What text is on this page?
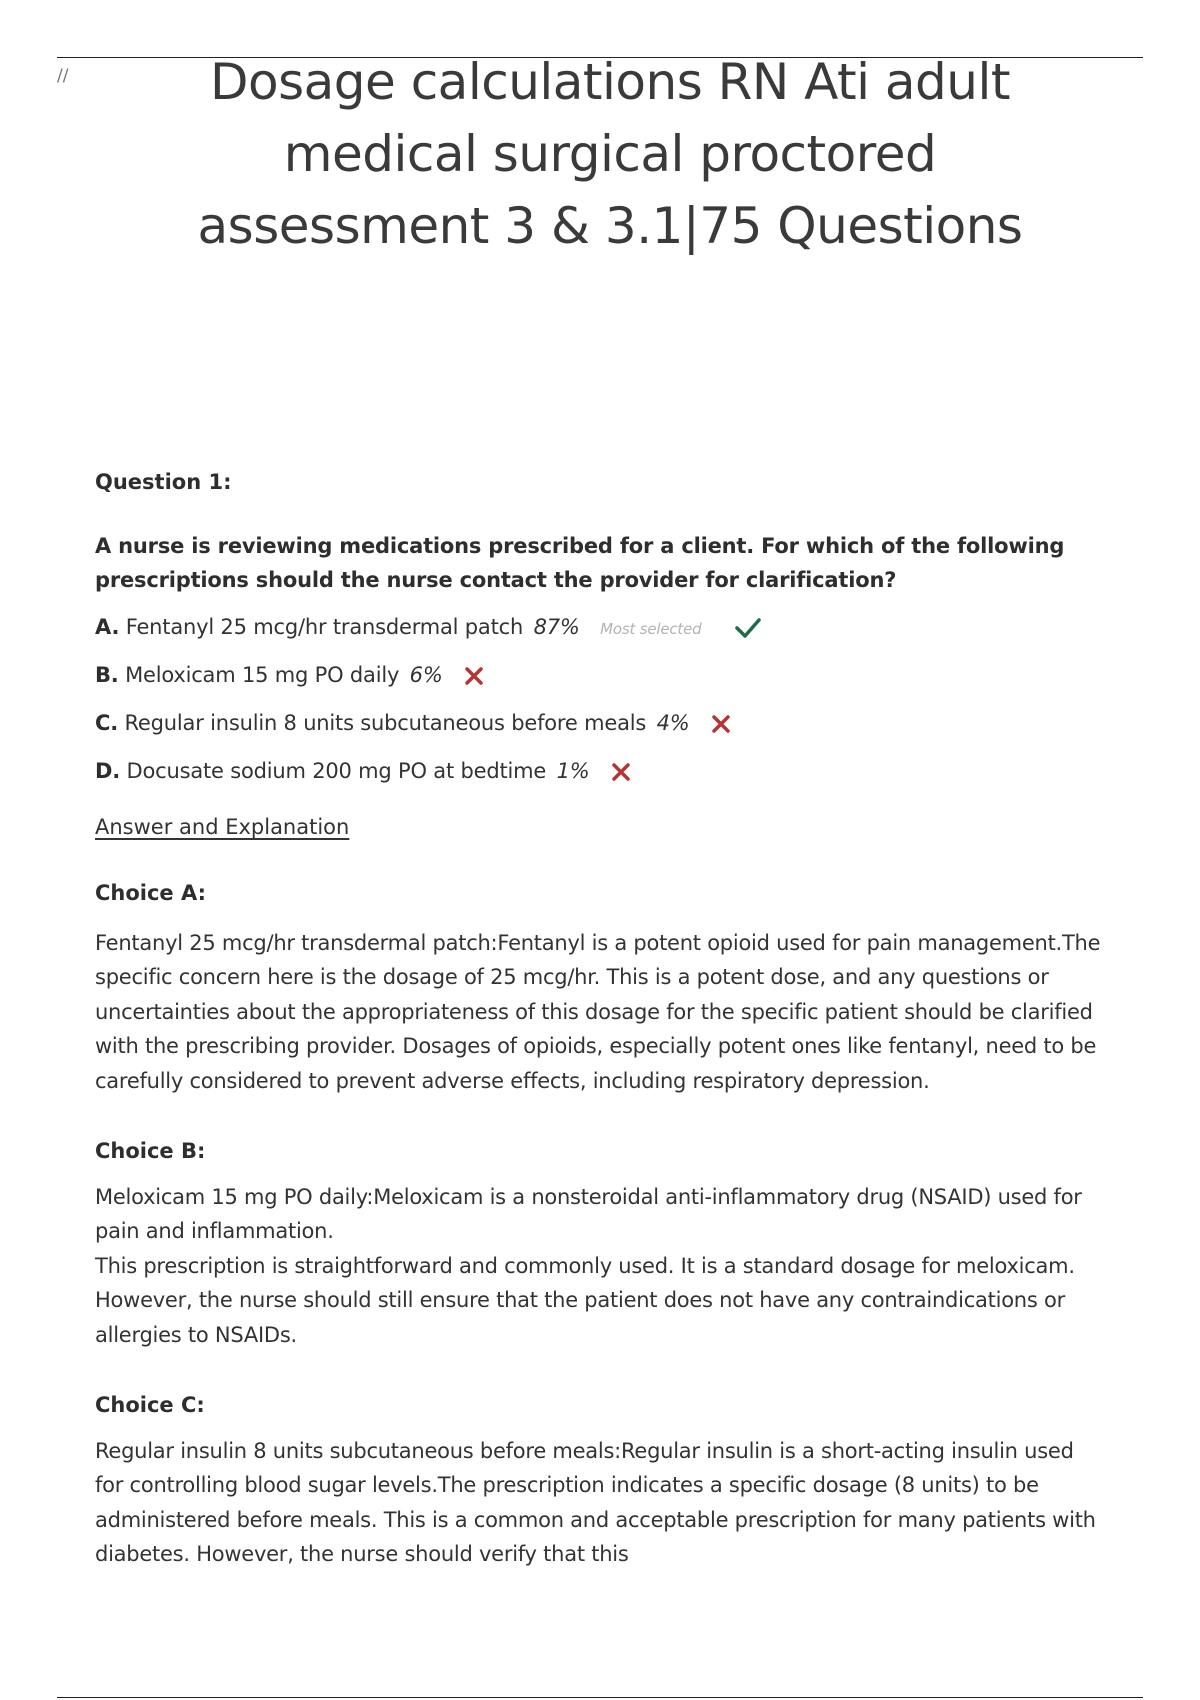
//	Dosage calculations RN Ati adult medical surgical proctored assessment 3 & 3.1|75 Questions
Question 1:
A nurse is reviewing medications prescribed for a client. For which of the following prescriptions should the nurse contact the provider for clarification?
A. Fentanyl 25 mcg/hr transdermal patch 87% Most selected
B. Meloxicam 15 mg PO daily 6%
C. Regular insulin 8 units subcutaneous before meals 4%
D. Docusate sodium 200 mg PO at bedtime 1%
Answer and Explanation
Choice A:

Fentanyl 25 mcg/hr transdermal patch:Fentanyl is a potent opioid used for pain management.The specific concern here is the dosage of 25 mcg/hr. This is a potent dose, and any questions or uncertainties about the appropriateness of this dosage for the specific patient should be clarified with the prescribing provider. Dosages of opioids, especially potent ones like fentanyl, need to be carefully considered to prevent adverse effects, including respiratory depression.

Choice B:

Meloxicam 15 mg PO daily:Meloxicam is a nonsteroidal anti-inflammatory drug (NSAID) used for pain and inflammation.

This prescription is straightforward and commonly used. It is a standard dosage for meloxicam. However, the nurse should still ensure that the patient does not have any contraindications or allergies to NSAIDs.

Choice C:

Regular insulin 8 units subcutaneous before meals:Regular insulin is a short-acting insulin used for controlling blood sugar levels.The prescription indicates a specific dosage (8 units) to be administered before meals. This is a common and acceptable prescription for many patients with diabetes. However, the nurse should verify that this
